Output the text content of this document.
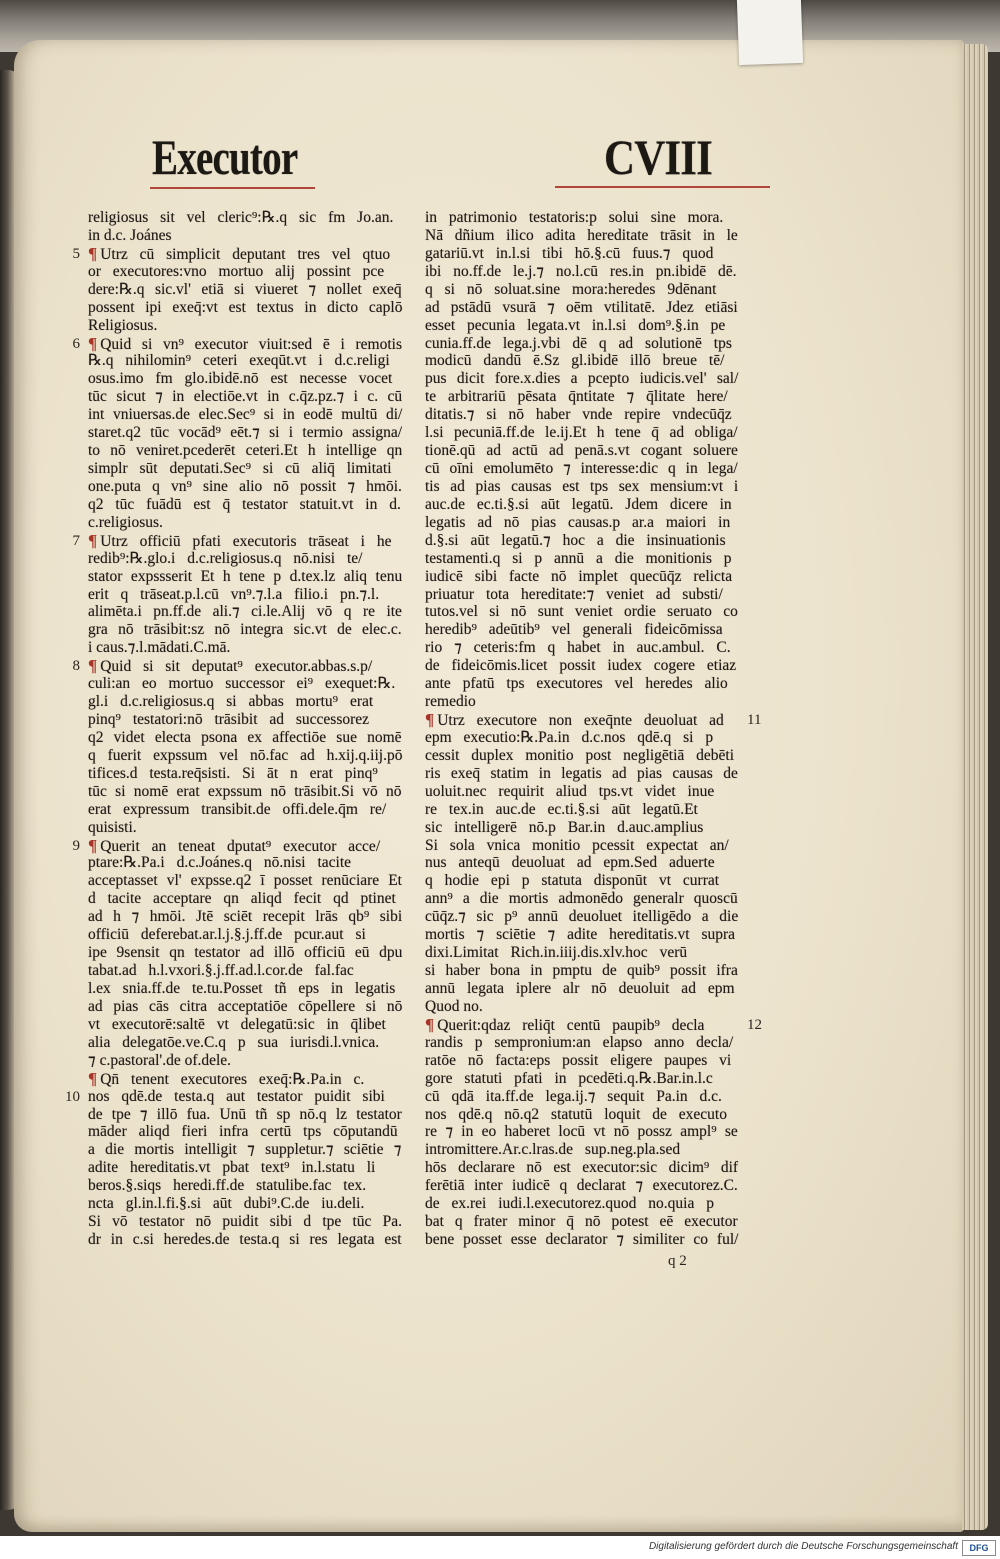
Executor	CVIII
religiosus sit vel cleric⁹:℞.q sic fm Jo.an.
in d.c. Joánes
¶ Utrz cū simplicit deputant tres vel qtuo
5
or executores:vno mortuo alij possint pce
dere:℞.q sic.vl' etiā si viueret ⁊ nollet exeq̄
possent ipi exeq̄:vt est textus in dicto caplō
Religiosus.
¶ Quid si vn⁹ executor viuit:sed ē i remotis
6
℞.q nihilomin⁹ ceteri exeqūt.vt i d.c.religi
osus.imo fm glo.ibidē.nō est necesse vocet
tūc sicut ⁊ in electiōe.vt in c.q̄z.pz.⁊ i c. cū
int vniuersas.de elec.Sec⁹ si in eodē multū di/
staret.q2 tūc vocād⁹ eēt.⁊ si i termio assigna/
to nō veniret.pcederēt ceteri.Et h intellige qn
simplr sūt deputati.Sec⁹ si cū aliq̄ limitati
one.puta q vn⁹ sine alio nō possit ⁊ hmōi.
q2 tūc fuādū est q̄ testator statuit.vt in d.
c.religiosus.
¶ Utrz officiū pfati executoris trāseat i he
7
redib⁹:℞.glo.i d.c.religiosus.q nō.nisi te/
stator expssserit Et h tene p d.tex.lz aliq tenu
erit q trāseat.p.l.cū vn⁹.⁊.l.a filio.i pn.⁊.l.
alimēta.i pn.ff.de ali.⁊ ci.le.Alij vō q re ite
gra nō trāsibit:sz nō integra sic.vt de elec.c.
i caus.⁊.l.mādati.C.mā.
¶ Quid si sit deputat⁹ executor.abbas.s.p/
8
culi:an eo mortuo successor ei⁹ exequet:℞.
gl.i d.c.religiosus.q si abbas mortu⁹ erat
pinq⁹ testatori:nō trāsibit ad successorez
q2 videt electa psona ex affectiōe sue nomē
q fuerit expssum vel nō.fac ad h.xij.q.iij.pō
tifices.d testa.req̄sisti. Si āt n erat pinq⁹
tūc si nomē erat expssum nō trāsibit.Si vō nō
erat expressum transibit.de offi.dele.q̄m re/
quisisti.
¶ Querit an teneat dputat⁹ executor acce/
9
ptare:℞.Pa.i d.c.Joánes.q nō.nisi tacite
acceptasset vl' expsse.q2 ī posset renūciare Et
d tacite acceptare qn aliqd fecit qd ptinet
ad h ⁊ hmōi. Jtē sciēt recepit lrās qb⁹ sibi
officiū deferebat.ar.l.j.§.j.ff.de pcur.aut si
ipe 9sensit qn testator ad illō officiū eū dpu
tabat.ad h.l.vxori.§.j.ff.ad.l.cor.de fal.fac
l.ex snia.ff.de te.tu.Posset tñ eps in legatis
ad pias cās citra acceptatiōe cōpellere si nō
vt executorē:saltē vt delegatū:sic in q̄libet
alia delegatōe.ve.C.q p sua iurisdi.l.vnica.
⁊ c.pastoral'.de of.dele.
¶ Qn̄ tenent executores exeq̄:℞.Pa.in c.
nos qdē.de testa.q aut testator puidit sibi
10
de tpe ⁊ illō fua. Unū tñ sp nō.q lz testator
māder aliqd fieri infra certū tps cōputandū
a die mortis intelligit ⁊ suppletur.⁊ sciētie ⁊
adite hereditatis.vt pbat text⁹ in.l.statu li
beros.§.siqs heredi.ff.de statulibe.fac tex.
ncta gl.in.l.fi.§.si aūt dubi⁹.C.de iu.deli.
Si vō testator nō puidit sibi d tpe tūc Pa.
dr in c.si heredes.de testa.q si res legata est
in patrimonio testatoris:p solui sine mora.
Nā dñium ilico adita hereditate trāsit in le
gatariū.vt in.l.si tibi hō.§.cū fuus.⁊ quod
ibi no.ff.de le.j.⁊ no.l.cū res.in pn.ibidē dē.
q si nō soluat.sine mora:heredes 9dēnant
ad pstādū vsurā ⁊ oēm vtilitatē. Jdez etiāsi
esset pecunia legata.vt in.l.si dom⁹.§.in pe
cunia.ff.de lega.j.vbi dē q ad solutionē tps
modicū dandū ē.Sz gl.ibidē illō breue tē/
pus dicit fore.x.dies a pcepto iudicis.vel' sal/
te arbitrariū pēsata q̄ntitate ⁊ q̄litate here/
ditatis.⁊ si nō haber vnde repire vndecūq̄z
l.si pecuniā.ff.de le.ij.Et h tene q̄ ad obliga/
tionē.qū ad actū ad penā.s.vt cogant soluere
cū oīni emolumēto ⁊ interesse:dic q in lega/
tis ad pias causas est tps sex mensium:vt i
auc.de ec.ti.§.si aūt legatū. Jdem dicere in
legatis ad nō pias causas.p ar.a maiori in
d.§.si aūt legatū.⁊ hoc a die insinuationis
testamenti.q si p annū a die monitionis p
iudicē sibi facte nō implet quecūq̄z relicta
priuatur tota hereditate:⁊ veniet ad substi/
tutos.vel si nō sunt veniet ordie seruato co
heredib⁹ adeūtib⁹ vel generali fideicōmissa
rio ⁊ ceteris:fm q habet in auc.ambul. C.
de fideicōmis.licet possit iudex cogere etiaz
ante pfatū tps executores vel heredes alio
remedio
¶ Utrz executore non exeq̄nte deuoluat ad 11
epm executio:℞.Pa.in d.c.nos qdē.q si p
cessit duplex monitio post negligētiā debēti
ris exeq̄ statim in legatis ad pias causas de
uoluit.nec requirit aliud tps.vt videt inue
re tex.in auc.de ec.ti.§.si aūt legatū.Et
sic intelligerē nō.p Bar.in d.auc.amplius
Si sola vnica monitio pcessit expectat an/
nus anteqū deuoluat ad epm.Sed aduerte
q hodie epi p statuta disponūt vt currat
ann⁹ a die mortis admonēdo generalr quoscū
cūq̄z.⁊ sic p⁹ annū deuoluet itelligēdo a die
mortis ⁊ sciētie ⁊ adite hereditatis.vt supra
dixi.Limitat Rich.in.iiij.dis.xlv.hoc verū
si haber bona in pmptu de quib⁹ possit ifra
annū legata iplere alr nō deuoluit ad epm
Quod no.
¶ Querit:qdaz reliq̄t centū paupib⁹ decla	12
randis p sempronium:an elapso anno decla/
ratōe nō facta:eps possit eligere paupes vi
gore statuti pfati in pcedēti.q.℞.Bar.in.l.c
cū qdā ita.ff.de lega.ij.⁊ sequit Pa.in d.c.
nos qdē.q nō.q2 statutū loquit de executo
re ⁊ in eo haberet locū vt nō possz ampl⁹ se
intromittere.Ar.c.lras.de sup.neg.pla.sed
hōs declarare nō est executor:sic dicim⁹ dif
ferētiā inter iudicē q declarat ⁊ executorez.C.
de ex.rei iudi.l.executorez.quod no.quia p
bat q frater minor q̄ nō potest eē executor
bene posset esse declarator ⁊ similiter co ful/
q 2
Digitalisierung gefördert durch die Deutsche Forschungsgemeinschaft	DFG
